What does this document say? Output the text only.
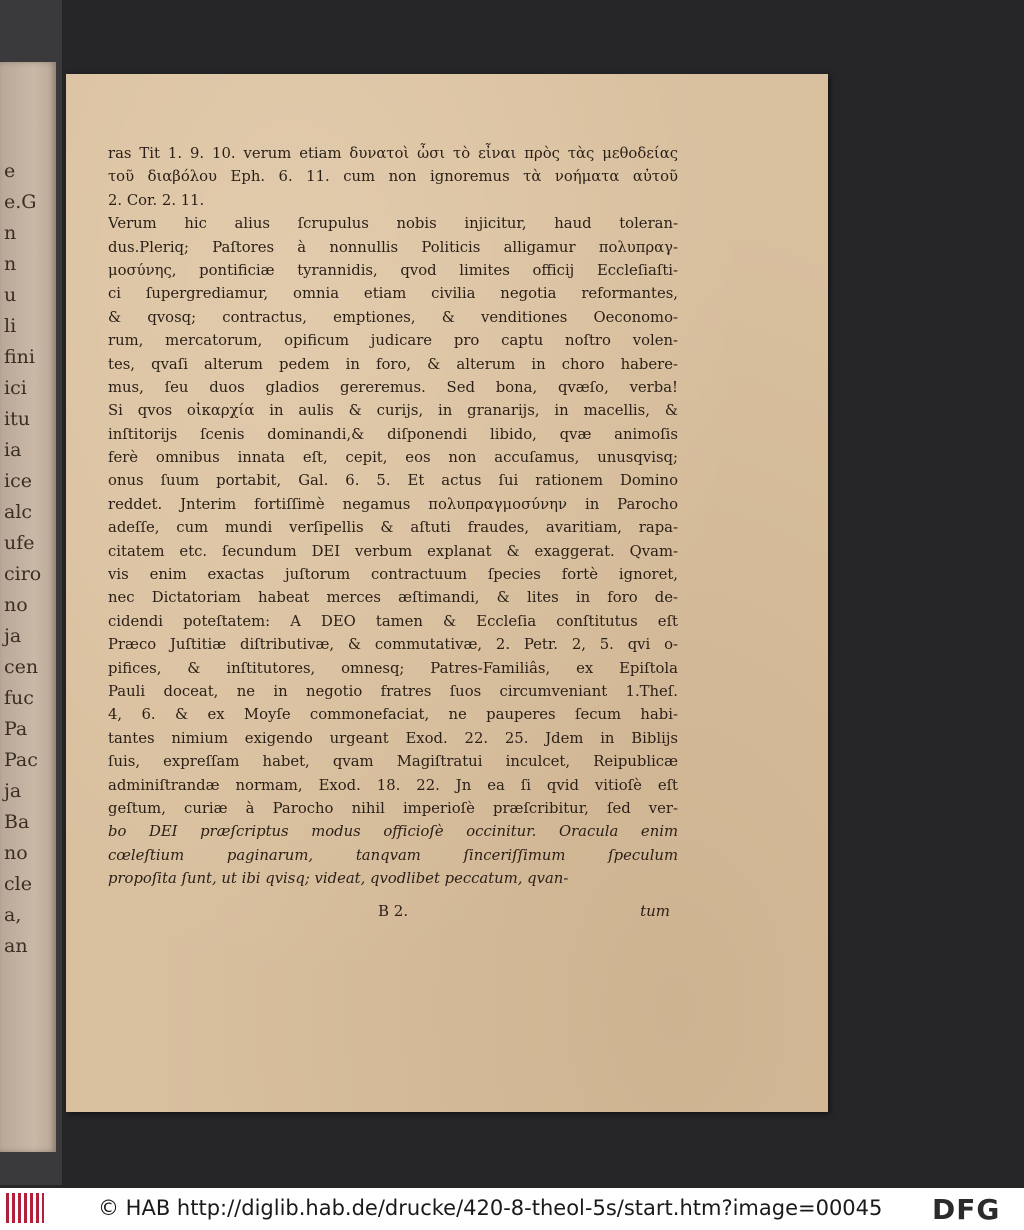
e
e.G
n
n
u
li
fini
ici
itu
ia
ice
alc
ufe
ciro
no
ja
cen
fuc
Pa
Pac
ja
Ba
no
cle
a,
an
ras Tit 1. 9. 10. verum etiam δυνατοὶ ὦσι τὸ εἶναι πρὸς τὰς μεθοδείας
τοῦ διαβόλου Eph. 6. 11. cum non ignoremus τὰ νοήματα αὐτοῦ
2. Cor. 2. 11.
Verum hic alius ſcrupulus nobis injicitur, haud toleran-
dus.Pleriq; Paſtores à nonnullis Politicis alligamur πολυπραγ-
μοσύνης, pontificiæ tyrannidis, qvod limites officij Eccleſiaſti-
ci ſupergrediamur, omnia etiam civilia negotia reformantes,
& qvosq; contractus, emptiones, & venditiones Oeconomo-
rum, mercatorum, opificum judicare pro captu noſtro volen-
tes, qvaſi alterum pedem in foro, & alterum in choro habere-
mus, ſeu duos gladios gereremus. Sed bona, qvæſo, verba!
Si qvos οἰκαρχία in aulis & curijs, in granarijs, in macellis, &
inſtitorijs ſcenis dominandi,& diſponendi libido, qvæ animoſis
ferè omnibus innata eſt, cepit, eos non accuſamus, unusqvisq;
onus ſuum portabit, Gal. 6. 5. Et actus ſui rationem Domino
reddet. Jnterim fortiſſimè negamus πολυπραγμοσύνην in Parocho
adeſſe, cum mundi verſipellis & aſtuti fraudes, avaritiam, rapa-
citatem etc. ſecundum DEI verbum explanat & exaggerat. Qvam-
vis enim exactas juſtorum contractuum ſpecies fortè ignoret,
nec Dictatoriam habeat merces æſtimandi, & lites in foro de-
cidendi poteſtatem: A DEO tamen & Eccleſia conſtitutus eſt
Præco Juſtitiæ diſtributivæ, & commutativæ, 2. Petr. 2, 5. qvi o-
pifices, & inſtitutores, omnesq; Patres-Familiâs, ex Epiſtola
Pauli doceat, ne in negotio fratres ſuos circumveniant 1.Theſ.
4, 6. & ex Moyſe commonefaciat, ne pauperes ſecum habi-
tantes nimium exigendo urgeant Exod. 22. 25. Jdem in Biblijs
ſuis, expreſſam habet, qvam Magiſtratui inculcet, Reipublicæ
adminiſtrandæ normam, Exod. 18. 22. Jn ea ſi qvid vitioſè eſt
geſtum, curiæ à Parocho nihil imperioſè præſcribitur, ſed ver-
bo DEI præſcriptus modus officioſè occinitur. Oracula enim
cœleſtium paginarum, tanqvam ſinceriſſimum ſpeculum
propoſita ſunt, ut ibi qvisq; videat, qvodlibet peccatum, qvan-
B 2.	tum
© HAB http://diglib.hab.de/drucke/420-8-theol-5s/start.htm?image=00045 DFG
